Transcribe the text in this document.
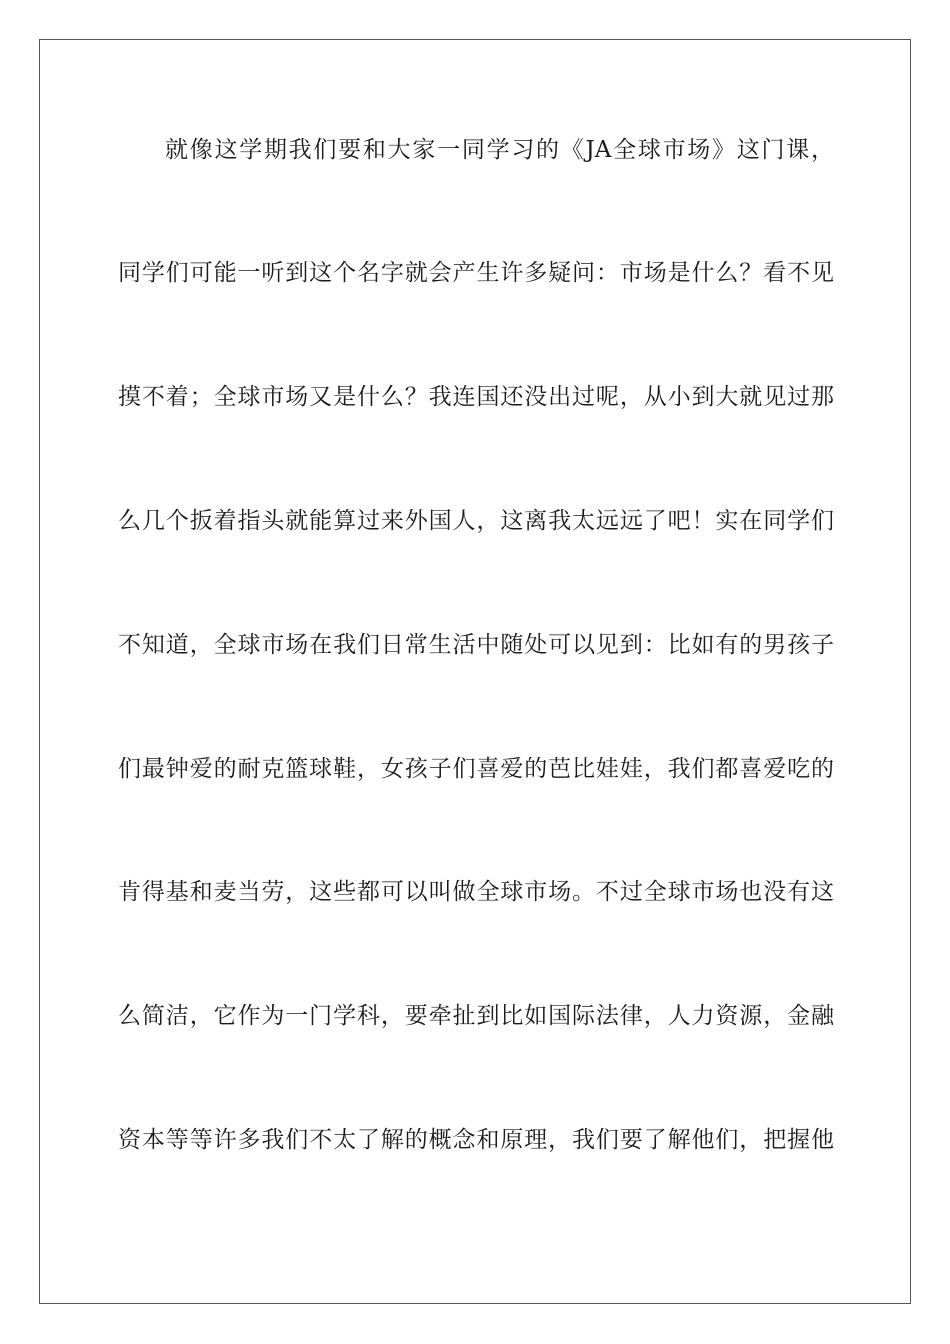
就像这学期我们要和大家一同学习的《JA全球市场》这门课，
同学们可能一听到这个名字就会产生许多疑问：市场是什么？看不见
摸不着；全球市场又是什么？我连国还没出过呢，从小到大就见过那
么几个扳着指头就能算过来外国人，这离我太远远了吧！实在同学们
不知道，全球市场在我们日常生活中随处可以见到：比如有的男孩子
们最钟爱的耐克篮球鞋，女孩子们喜爱的芭比娃娃，我们都喜爱吃的
肯得基和麦当劳，这些都可以叫做全球市场。不过全球市场也没有这
么简洁，它作为一门学科，要牵扯到比如国际法律，人力资源，金融
资本等等许多我们不太了解的概念和原理，我们要了解他们，把握他
